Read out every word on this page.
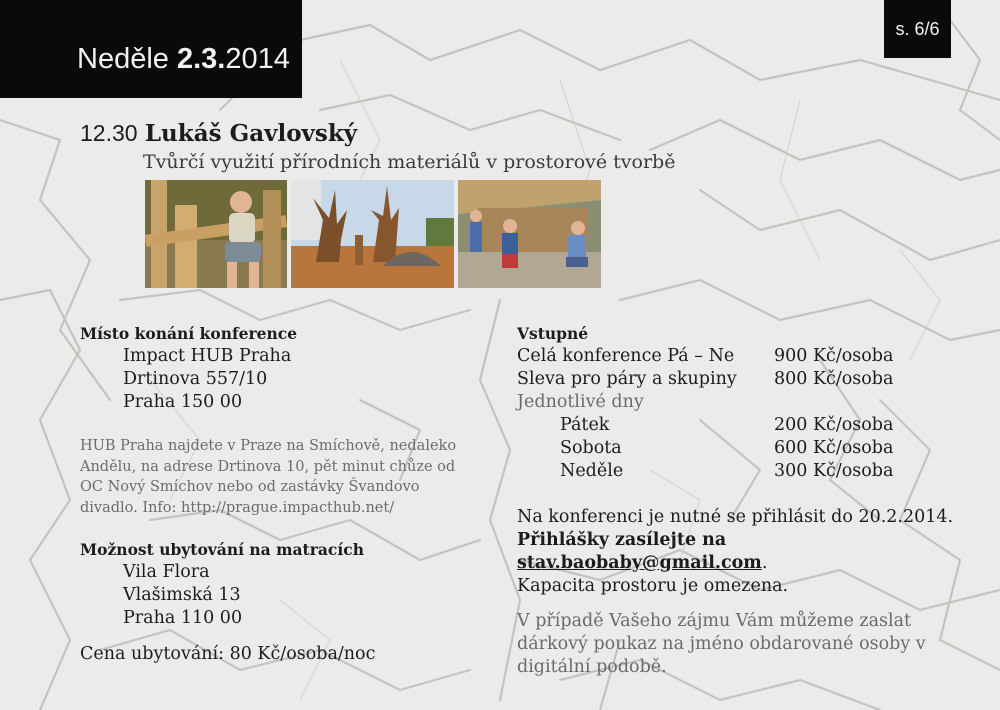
Neděle 2.3.2014
s. 6/6
12.30 Lukáš Gavlovský
Tvůrčí využití přírodních materiálů v prostorové tvorbě
Místo konání konference
Impact HUB Praha
Drtinova 557/10
Praha 150 00
HUB Praha najdete v Praze na Smíchově, nedaleko Andělu, na adrese Drtinova 10, pět minut chůze od OC Nový Smíchov nebo od zastávky Švandovo divadlo. Info: http://prague.impacthub.net/
Možnost ubytování na matracích
Vila Flora
Vlašimská 13
Praha 110 00
Cena ubytování: 80 Kč/osoba/noc
Vstupné
Celá konference Pá – Ne	900 Kč/osoba
Sleva pro páry a skupiny	800 Kč/osoba
Jednotlivé dny
Pátek	200 Kč/osoba
Sobota	600 Kč/osoba
Neděle	300 Kč/osoba
Na konferenci je nutné se přihlásit do 20.2.2014.
Přihlášky zasílejte na stav.baobaby@gmail.com.
Kapacita prostoru je omezena.
V případě Vašeho zájmu Vám můžeme zaslat dárkový poukaz na jméno obdarované osoby v digitální podobě.
